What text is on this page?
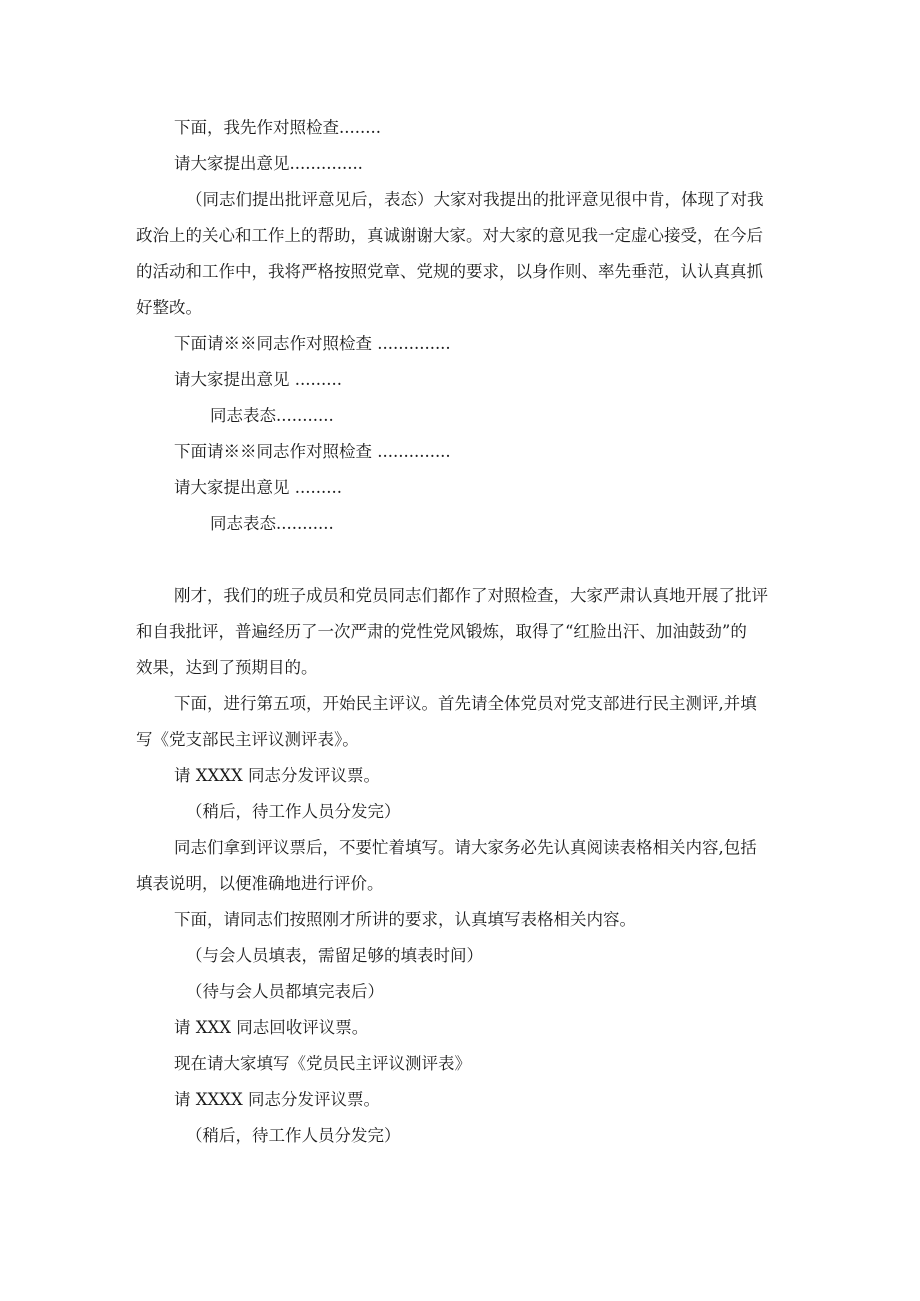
下面，我先作对照检查........

请大家提出意见..............

（同志们提出批评意见后，表态）大家对我提出的批评意见很中肯，体现了对我
政治上的关心和工作上的帮助，真诚谢谢大家。对大家的意见我一定虚心接受，在今后
的活动和工作中，我将严格按照党章、党规的要求，以身作则、率先垂范，认认真真抓
好整改。

下面请※※同志作对照检查 ..............

请大家提出意见 .........

同志表态...........

下面请※※同志作对照检查 ..............

请大家提出意见 .........

同志表态...........

刚才，我们的班子成员和党员同志们都作了对照检查，大家严肃认真地开展了批评
和自我批评，普遍经历了一次严肃的党性党风锻炼，取得了“红脸出汗、加油鼓劲”的
效果，达到了预期目的。
下面，进行第五项，开始民主评议。首先请全体党员对党支部进行民主测评,并填
写《党支部民主评议测评表》。

请 XXXX 同志分发评议票。

（稍后，待工作人员分发完）

同志们拿到评议票后，不要忙着填写。请大家务必先认真阅读表格相关内容,包括
填表说明，以便准确地进行评价。

下面，请同志们按照刚才所讲的要求，认真填写表格相关内容。

（与会人员填表，需留足够的填表时间）

（待与会人员都填完表后）

请 XXX 同志回收评议票。

现在请大家填写《党员民主评议测评表》

请 XXXX 同志分发评议票。

（稍后，待工作人员分发完）
